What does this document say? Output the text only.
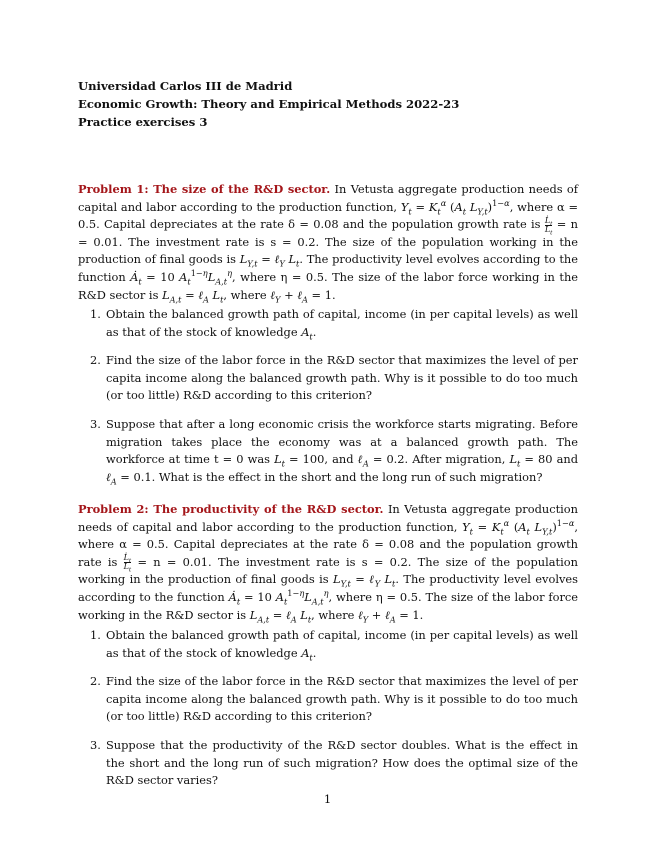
Universidad Carlos III de Madrid
Economic Growth: Theory and Empirical Methods 2022-23
Practice exercises 3
Problem 1: The size of the R&D sector. In Vetusta aggregate production needs of capital and labor according to the production function, $Y_t = K_t^\alpha$ ($A_t$ $L_{Y,t})^{1-\alpha}$, where α = 0.5. Capital depreciates at the rate δ = 0.08 and the population growth rate is $\frac{L̇_t}{L_t} = n = 0.01$. The investment rate is s = 0.2. The size of the population working in the production of final goods is $L_{Y,t}$ = ℓ$_Y$ $L_t$. The productivity level evolves according to the function $Ȧ_t = 10$ $A_t^{1-\eta}L_{A,t}^\eta$, where η = 0.5. The size of the labor force working in the R&D sector is $L_{A,t}$ = ℓ$_A$ $L_t$, where ℓ$_Y$ + ℓ$_A$ = 1.
1. Obtain the balanced growth path of capital, income (in per capital levels) as well as that of the stock of knowledge $A_t$.
2. Find the size of the labor force in the R&D sector that maximizes the level of per capita income along the balanced growth path. Why is it possible to do too much (or too little) R&D according to this criterion?
3. Suppose that after a long economic crisis the workforce starts migrating. Before migration takes place the economy was at a balanced growth path. The workforce at time t = 0 was $L_t = 100$, and ℓ$_A$ = 0.2. After migration, $L_t = 80$ and ℓ$_A$ = 0.1. What is the effect in the short and the long run of such migration?
Problem 2: The productivity of the R&D sector. In Vetusta aggregate production needs of capital and labor according to the production function, $Y_t = K_t^\alpha$ ($A_t$ $L_{Y,t})^{1-\alpha}$, where α = 0.5. Capital depreciates at the rate δ = 0.08 and the population growth rate is $\frac{L̇_t}{L_t} = n = 0.01$. The investment rate is s = 0.2. The size of the population working in the production of final goods is $L_{Y,t}$ = ℓ$_Y$ $L_t$. The productivity level evolves according to the function $Ȧ_t = 10$ $A_t^{1-\eta}L_{A,t}^\eta$, where η = 0.5. The size of the labor force working in the R&D sector is $L_{A,t}$ = ℓ$_A$ $L_t$, where ℓ$_Y$ + ℓ$_A$ = 1.
1. Obtain the balanced growth path of capital, income (in per capital levels) as well as that of the stock of knowledge $A_t$.
2. Find the size of the labor force in the R&D sector that maximizes the level of per capita income along the balanced growth path. Why is it possible to do too much (or too little) R&D according to this criterion?
3. Suppose that the productivity of the R&D sector doubles. What is the effect in the short and the long run of such migration? How does the optimal size of the R&D sector varies?
1
